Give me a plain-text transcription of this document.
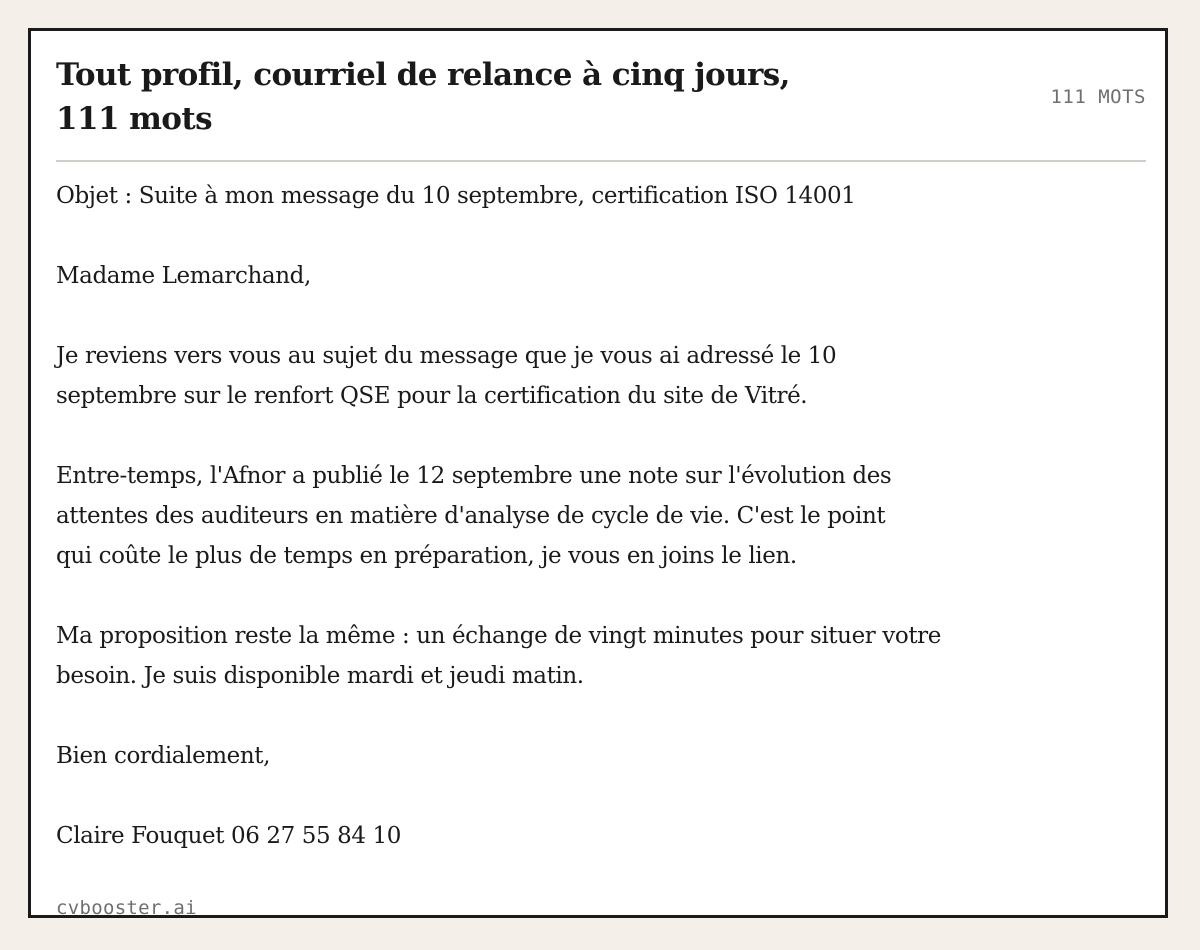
Tout profil, courriel de relance à cinq jours,
111 mots
111 MOTS

Objet : Suite à mon message du 10 septembre, certification ISO 14001

Madame Lemarchand,

Je reviens vers vous au sujet du message que je vous ai adressé le 10
septembre sur le renfort QSE pour la certification du site de Vitré.

Entre-temps, l'Afnor a publié le 12 septembre une note sur l'évolution des
attentes des auditeurs en matière d'analyse de cycle de vie. C'est le point
qui coûte le plus de temps en préparation, je vous en joins le lien.

Ma proposition reste la même : un échange de vingt minutes pour situer votre
besoin. Je suis disponible mardi et jeudi matin.

Bien cordialement,

Claire Fouquet 06 27 55 84 10

cvbooster.ai
